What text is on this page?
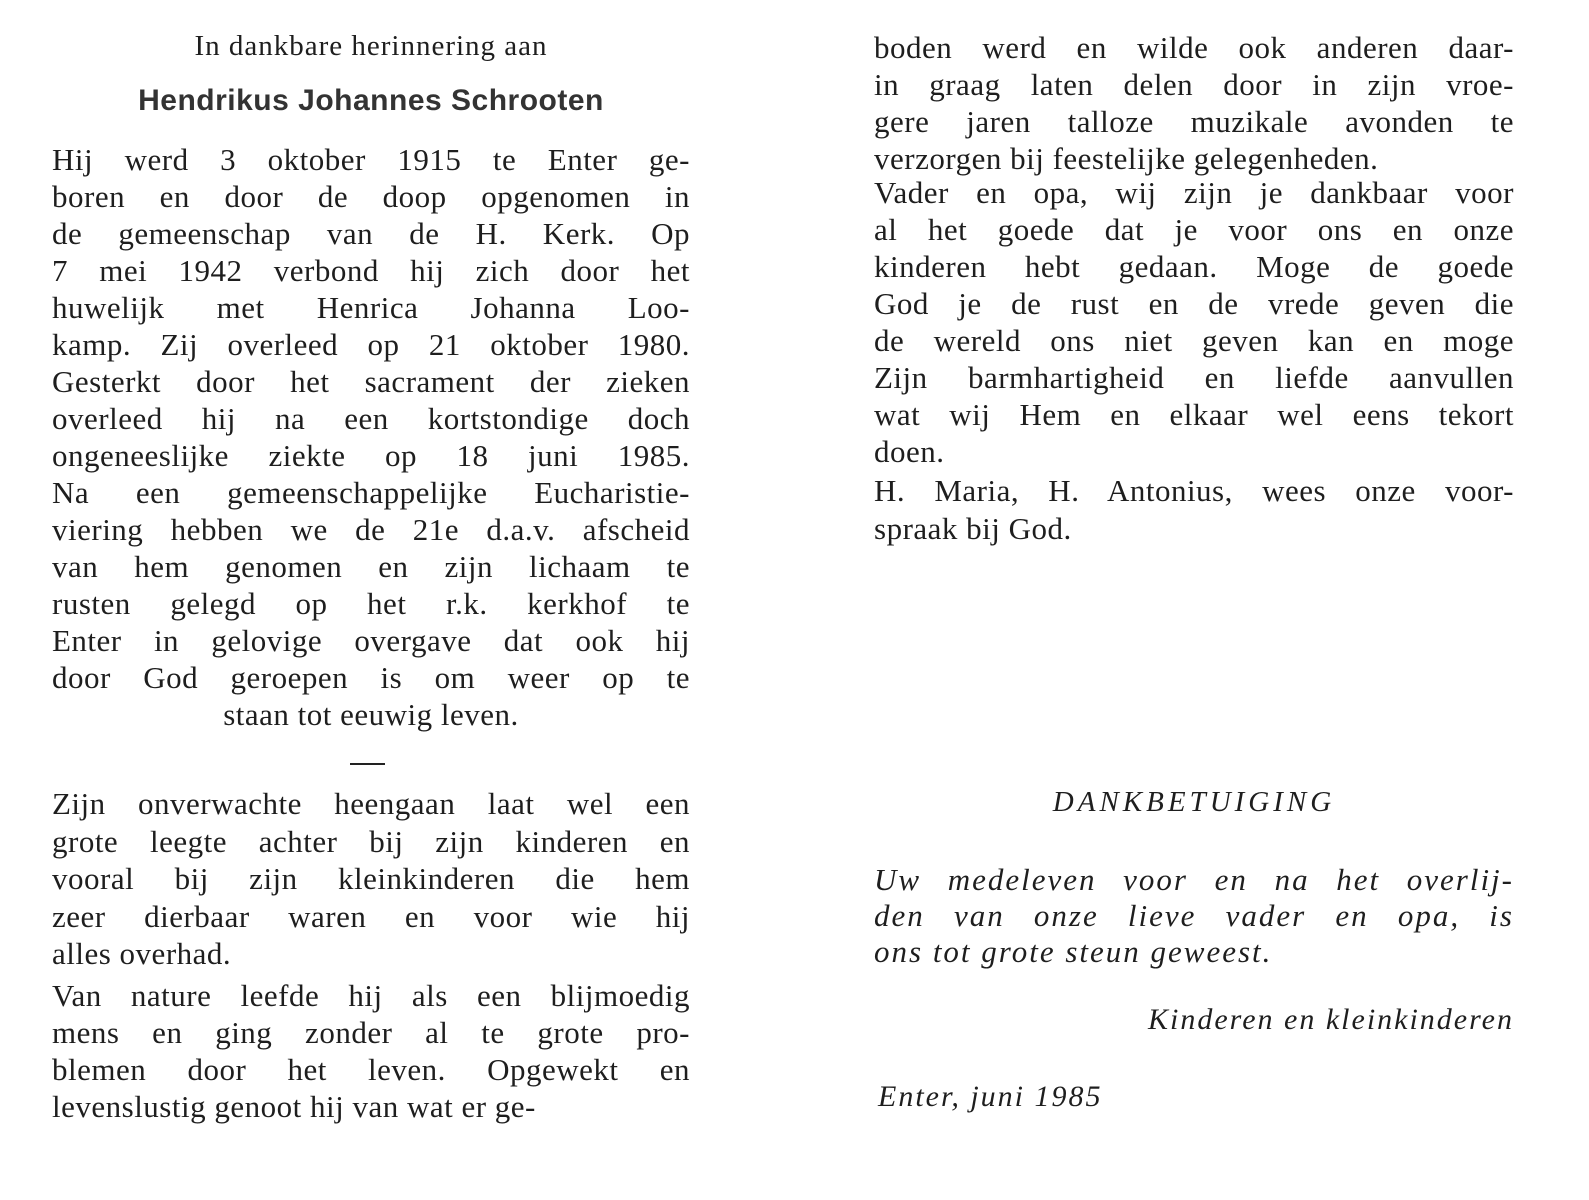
In dankbare herinnering aan
Hendrikus Johannes Schrooten
Hij werd 3 oktober 1915 te Enter ge-
boren en door de doop opgenomen in
de gemeenschap van de H. Kerk. Op
7 mei 1942 verbond hij zich door het
huwelijk met Henrica Johanna Loo-
kamp. Zij overleed op 21 oktober 1980.
Gesterkt door het sacrament der zieken
overleed hij na een kortstondige doch
ongeneeslijke ziekte op 18 juni 1985.
Na een gemeenschappelijke Eucharistie-
viering hebben we de 21e d.a.v. afscheid
van hem genomen en zijn lichaam te
rusten gelegd op het r.k. kerkhof te
Enter in gelovige overgave dat ook hij
door God geroepen is om weer op te
staan tot eeuwig leven.
Zijn onverwachte heengaan laat wel een
grote leegte achter bij zijn kinderen en
vooral bij zijn kleinkinderen die hem
zeer dierbaar waren en voor wie hij
alles overhad.
Van nature leefde hij als een blijmoedig
mens en ging zonder al te grote pro-
blemen door het leven. Opgewekt en
levenslustig genoot hij van wat er ge-
boden werd en wilde ook anderen daar-
in graag laten delen door in zijn vroe-
gere jaren talloze muzikale avonden te
verzorgen bij feestelijke gelegenheden.
Vader en opa, wij zijn je dankbaar voor
al het goede dat je voor ons en onze
kinderen hebt gedaan. Moge de goede
God je de rust en de vrede geven die
de wereld ons niet geven kan en moge
Zijn barmhartigheid en liefde aanvullen
wat wij Hem en elkaar wel eens tekort
doen.
H. Maria, H. Antonius, wees onze voor-
spraak bij God.
Uw medeleven voor en na het overlij-
den van onze lieve vader en opa, is
ons tot grote steun geweest.
DANKBETUIGING
Kinderen en kleinkinderen
Enter, juni 1985
